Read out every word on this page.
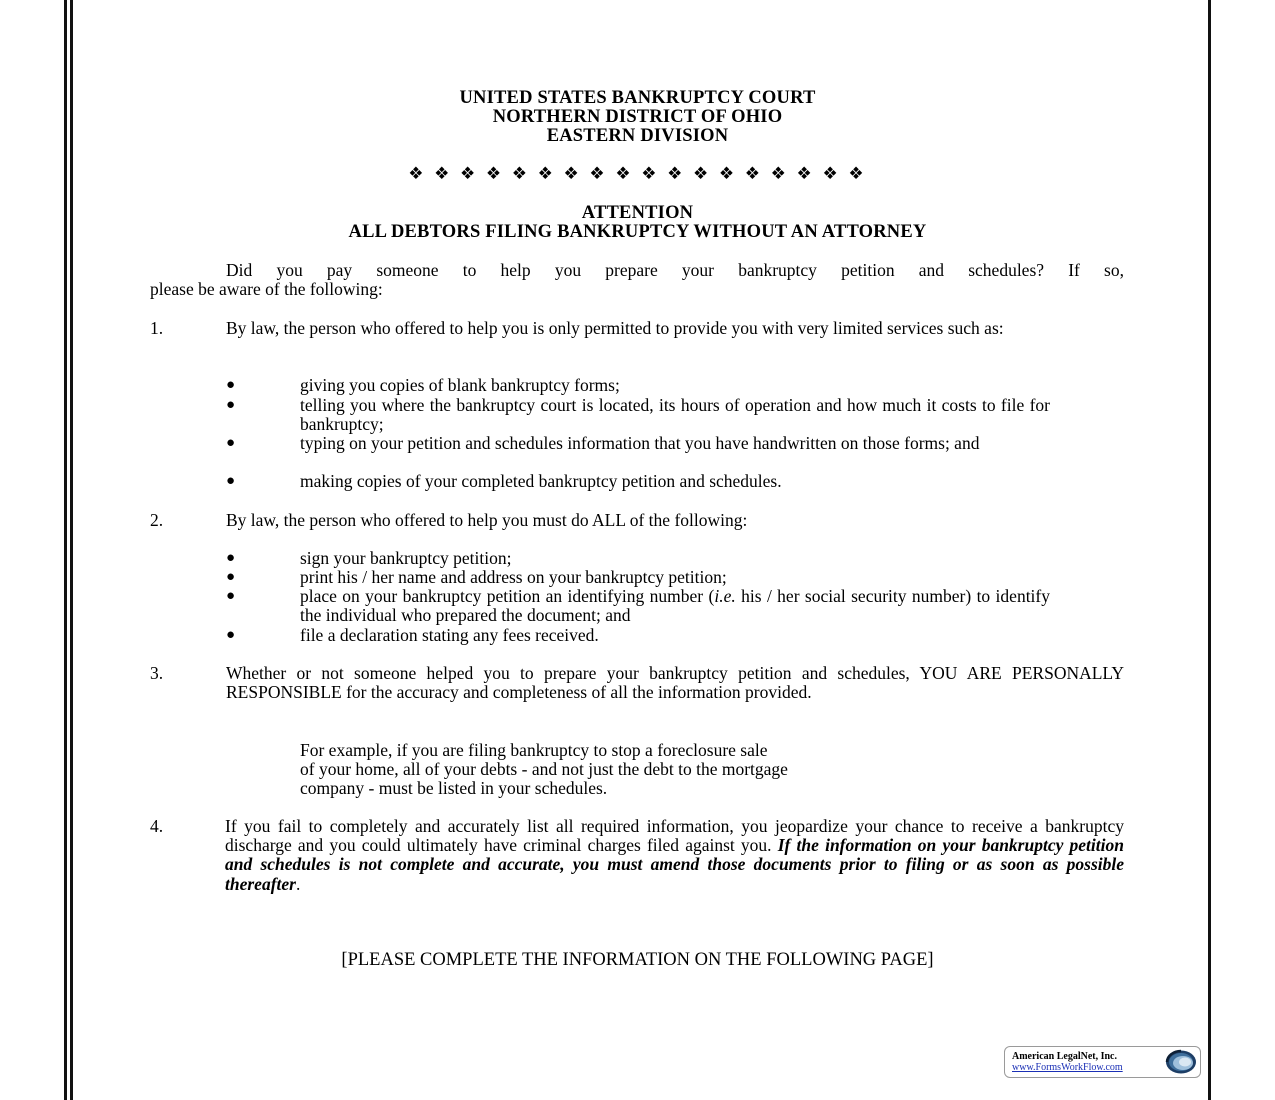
UNITED STATES BANKRUPTCY COURT
NORTHERN DISTRICT OF OHIO
EASTERN DIVISION
❖ ❖ ❖ ❖ ❖ ❖ ❖ ❖ ❖ ❖ ❖ ❖ ❖ ❖ ❖ ❖ ❖ ❖
ATTENTION
ALL DEBTORS FILING BANKRUPTCY WITHOUT AN ATTORNEY
Did you pay someone to help you prepare your bankruptcy petition and schedules? If so,
please be aware of the following:
1.	By law, the person who offered to help you is only permitted to provide you with very limited services such as:
●	giving you copies of blank bankruptcy forms;
●	telling you where the bankruptcy court is located, its hours of operation and how much it costs to file for bankruptcy;
●	typing on your petition and schedules information that you have handwritten on those forms; and
●	making copies of your completed bankruptcy petition and schedules.
2.	By law, the person who offered to help you must do ALL of the following:
●	sign your bankruptcy petition;
●	print his / her name and address on your bankruptcy petition;
●	place on your bankruptcy petition an identifying number (i.e. his / her social security number) to identify the individual who prepared the document; and
●	file a declaration stating any fees received.
3.	Whether or not someone helped you to prepare your bankruptcy petition and schedules, YOU ARE PERSONALLY RESPONSIBLE for the accuracy and completeness of all the information provided.
For example, if you are filing bankruptcy to stop a foreclosure sale
of your home, all of your debts - and not just the debt to the mortgage
company - must be listed in your schedules.
4.	If you fail to completely and accurately list all required information, you jeopardize your chance to receive a bankruptcy discharge and you could ultimately have criminal charges filed against you. If the information on your bankruptcy petition and schedules is not complete and accurate, you must amend those documents prior to filing or as soon as possible thereafter.
[PLEASE COMPLETE THE INFORMATION ON THE FOLLOWING PAGE]
American LegalNet, Inc.
www.FormsWorkFlow.com
